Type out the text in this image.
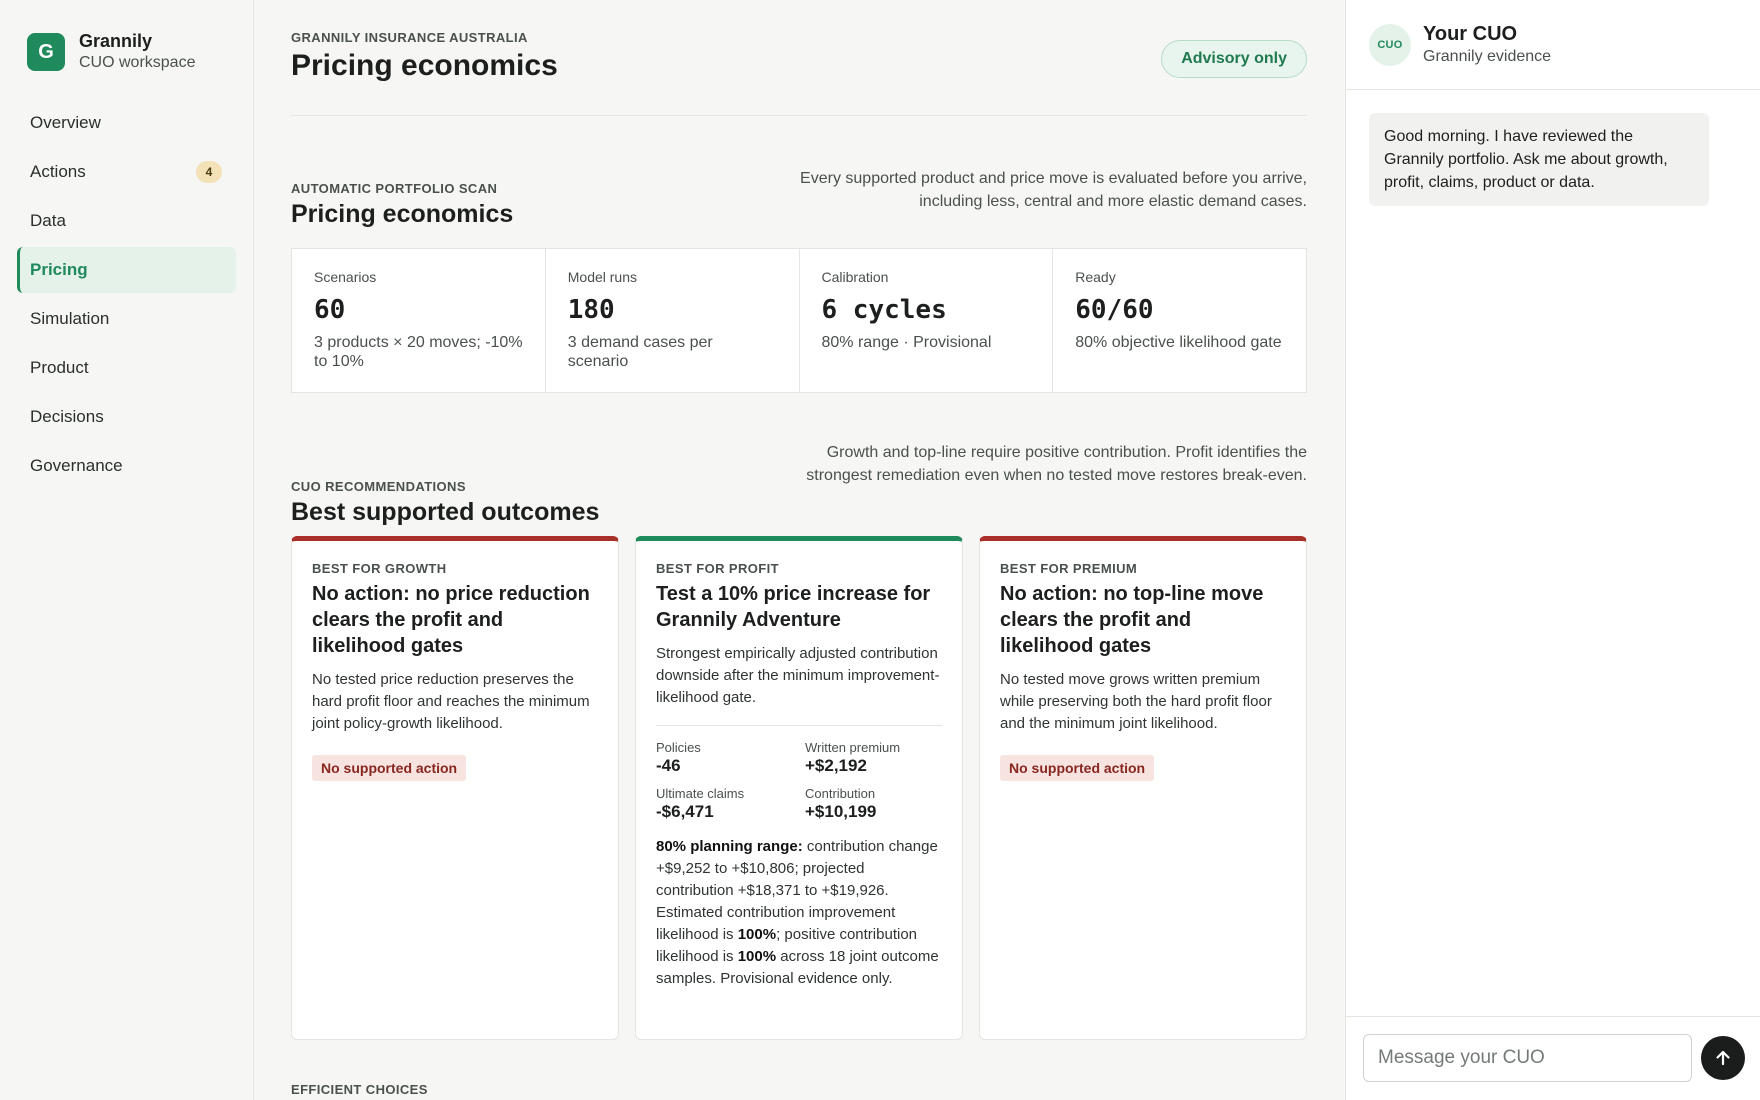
G	Grannily
CUO workspace
Overview
Actions	4
Data
Pricing
Simulation
Product
Decisions
Governance
GRANNILY INSURANCE AUSTRALIA
Pricing economics	Advisory only
AUTOMATIC PORTFOLIO SCAN
Pricing economics
Every supported product and price move is evaluated before you arrive, including less, central and more elastic demand cases.
Scenarios
60
3 products × 20 moves; -10% to 10%
Model runs
180
3 demand cases per scenario
Calibration
6 cycles
80% range · Provisional
Ready
60/60
80% objective likelihood gate
CUO RECOMMENDATIONS
Best supported outcomes
Growth and top-line require positive contribution. Profit identifies the strongest remediation even when no tested move restores break-even.
BEST FOR GROWTH
No action: no price reduction clears the profit and likelihood gates
No tested price reduction preserves the hard profit floor and reaches the minimum joint policy-growth likelihood.
No supported action
BEST FOR PROFIT
Test a 10% price increase for Grannily Adventure
Strongest empirically adjusted contribution downside after the minimum improvement-likelihood gate.
Policies
-46
Written premium
+$2,192
Ultimate claims
-$6,471
Contribution
+$10,199
80% planning range: contribution change +$9,252 to +$10,806; projected contribution +$18,371 to +$19,926. Estimated contribution improvement likelihood is 100%; positive contribution likelihood is 100% across 18 joint outcome samples. Provisional evidence only.
BEST FOR PREMIUM
No action: no top-line move clears the profit and likelihood gates
No tested move grows written premium while preserving both the hard profit floor and the minimum joint likelihood.
No supported action
EFFICIENT CHOICES
CUO	Your CUO
Grannily evidence
Good morning. I have reviewed the Grannily portfolio. Ask me about growth, profit, claims, product or data.
Message your CUO
